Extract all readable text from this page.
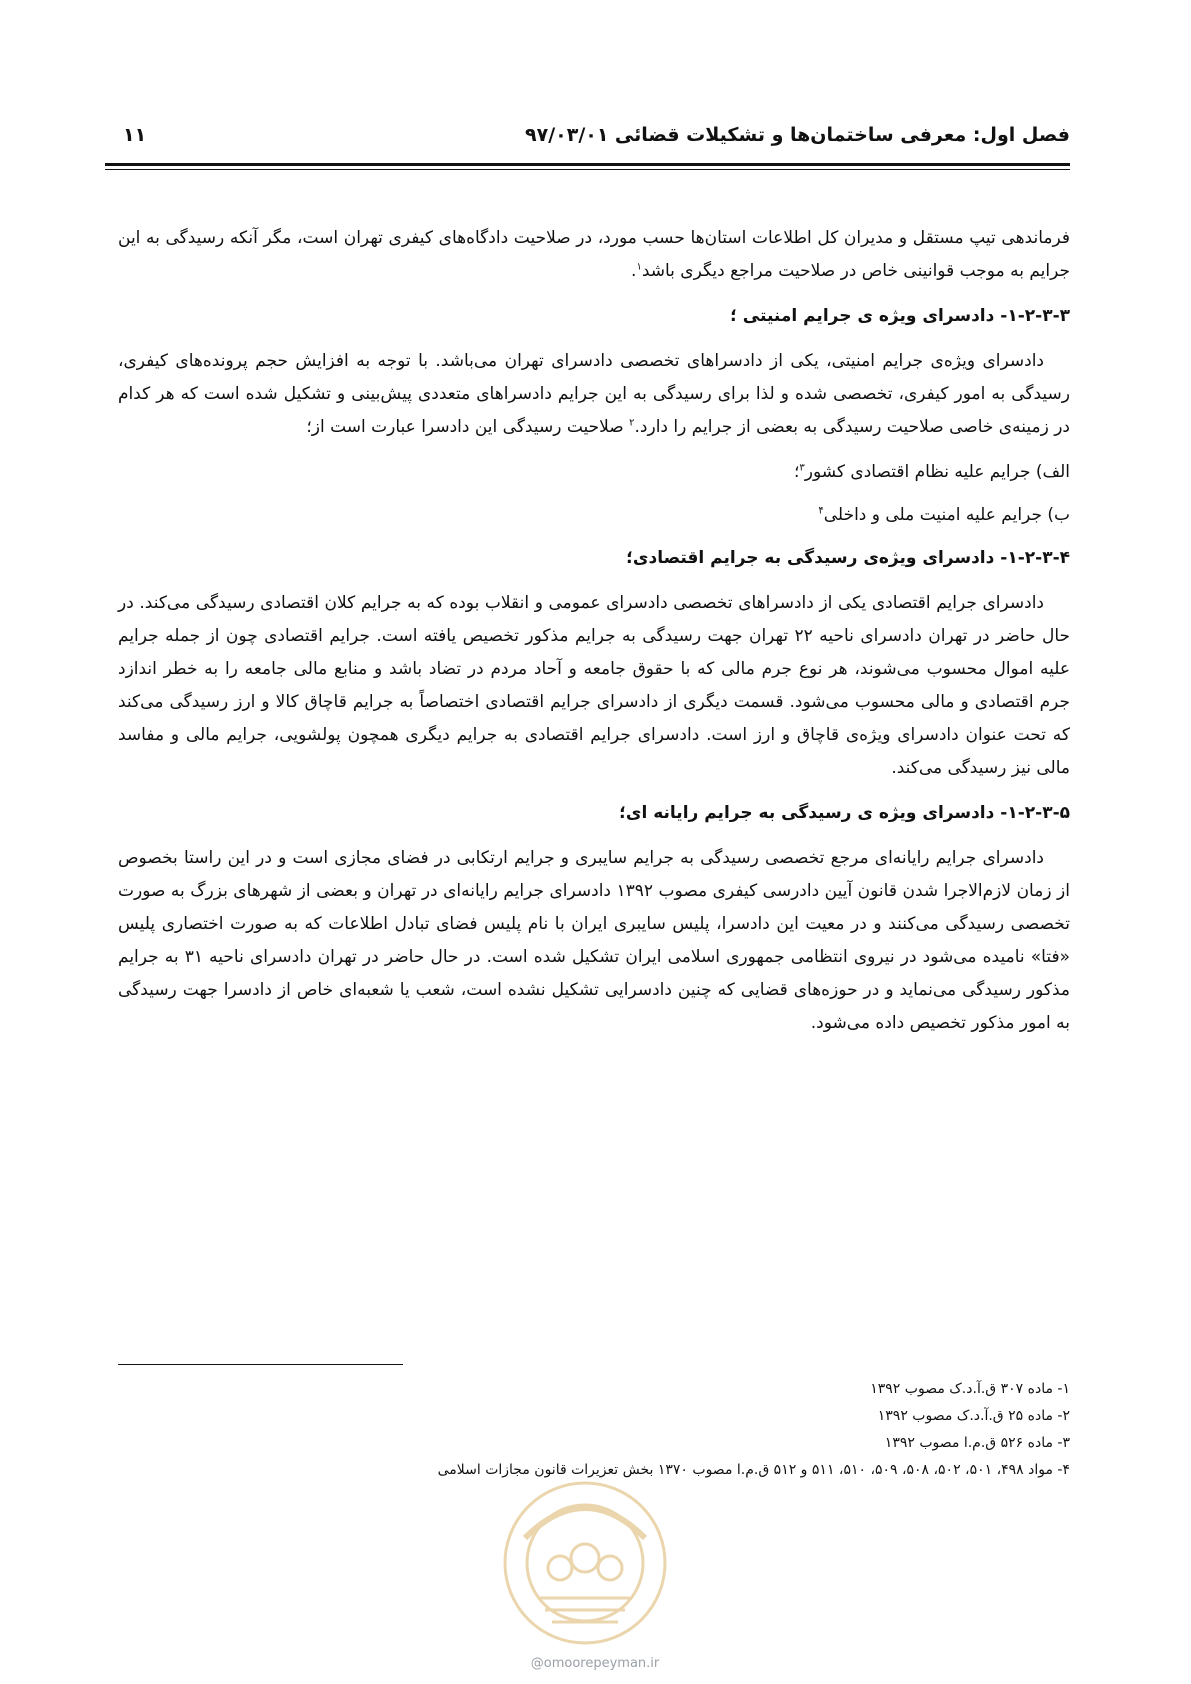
فصل اول: معرفی ساختمان‌ها و تشکیلات قضائی
۹۷/۰۳/۰۱
۱۱

فرماندهی تیپ مستقل و مدیران کل اطلاعات استان‌ها حسب مورد، در صلاحیت دادگاه‌های کیفری تهران است، مگر آنکه رسیدگی به این جرایم به موجب قوانینی خاص در صلاحیت مراجع دیگری باشد$^۱$.

۱-۲-۳-۳- دادسرای ویژه ی جرایم امنیتی ؛

دادسرای ویژه‌ی جرایم امنیتی، یکی از دادسراهای تخصصی دادسرای تهران می‌باشد. با توجه به افزایش حجم پرونده‌های کیفری، رسیدگی به امور کیفری، تخصصی شده و لذا برای رسیدگی به این جرایم دادسراهای متعددی پیش‌بینی و تشکیل شده است که هر کدام در زمینه‌ی خاصی صلاحیت رسیدگی به بعضی از جرایم را دارد.$^۲$ صلاحیت رسیدگی این دادسرا عبارت است از؛

الف) جرایم علیه نظام اقتصادی کشور$^۳$؛
ب) جرایم علیه امنیت ملی و داخلی$^۴$
۱-۲-۳-۴- دادسرای ویژه‌ی رسیدگی به جرایم اقتصادی؛

دادسرای جرایم اقتصادی یکی از دادسراهای تخصصی دادسرای عمومی و انقلاب بوده که به جرایم کلان اقتصادی رسیدگی می‌کند. در حال حاضر در تهران دادسرای ناحیه ۲۲ تهران جهت رسیدگی به جرایم مذکور تخصیص یافته است. جرایم اقتصادی چون از جمله جرایم علیه اموال محسوب می‌شوند، هر نوع جرم مالی که با حقوق جامعه و آحاد مردم در تضاد باشد و منابع مالی جامعه را به خطر اندازد جرم اقتصادی و مالی محسوب می‌شود. قسمت دیگری از دادسرای جرایم اقتصادی اختصاصاً به جرایم قاچاق کالا و ارز رسیدگی می‌کند که تحت عنوان دادسرای ویژه‌ی قاچاق و ارز است. دادسرای جرایم اقتصادی به جرایم دیگری همچون پولشویی، جرایم مالی و مفاسد مالی نیز رسیدگی می‌کند.

۱-۲-۳-۵- دادسرای ویژه ی رسیدگی به جرایم رایانه ای؛

دادسرای جرایم رایانه‌ای مرجع تخصصی رسیدگی به جرایم سایبری و جرایم ارتکابی در فضای مجازی است و در این راستا بخصوص از زمان لازم‌الاجرا شدن قانون آیین دادرسی کیفری مصوب ۱۳۹۲ دادسرای جرایم رایانه‌ای در تهران و بعضی از شهرهای بزرگ به صورت تخصصی رسیدگی می‌کنند و در معیت این دادسرا، پلیس سایبری ایران با نام پلیس فضای تبادل اطلاعات که به صورت اختصاری پلیس «فتا» نامیده می‌شود در نیروی انتظامی جمهوری اسلامی ایران تشکیل شده است. در حال حاضر در تهران دادسرای ناحیه ۳۱ به جرایم مذکور رسیدگی می‌نماید و در حوزه‌های قضایی که چنین دادسرایی تشکیل نشده است، شعب یا شعبه‌ای خاص از دادسرا جهت رسیدگی به امور مذکور تخصیص داده می‌شود.

۱- ماده ۳۰۷ ق.آ.د.ک مصوب ۱۳۹۲
۲- ماده ۲۵ ق.آ.د.ک مصوب ۱۳۹۲
۳- ماده ۵۲۶ ق.م.ا مصوب ۱۳۹۲
۴- مواد ۴۹۸، ۵۰۱، ۵۰۲، ۵۰۸، ۵۰۹، ۵۱۰، ۵۱۱ و ۵۱۲ ق.م.ا مصوب ۱۳۷۰ بخش تعزیرات قانون مجازات اسلامی
@omoorepeyman.ir
